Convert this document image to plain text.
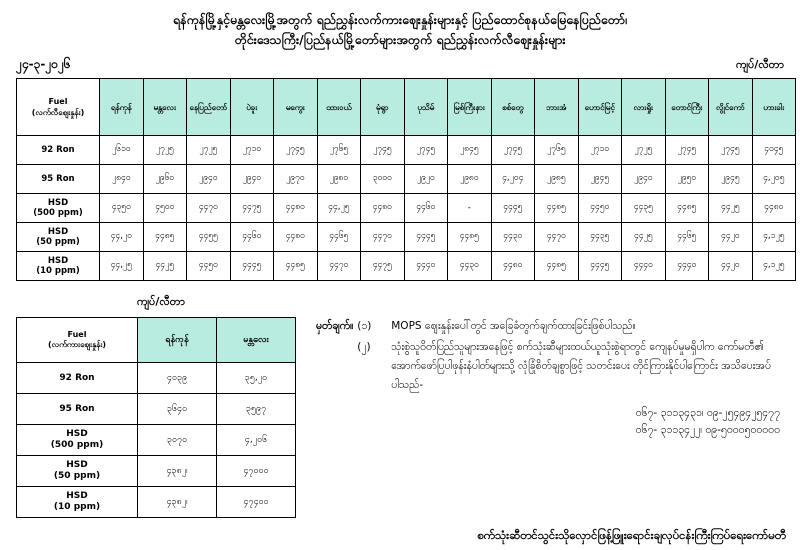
ရန်ကုန်မြို့နှင့်မန္တလေးမြို့အတွက် ရည်ညွှန်းလက်ကားဈေးနှုန်းများနှင့် ပြည်ထောင်စုနယ်မြေနေပြည်တော်၊
တိုင်းဒေသကြီး/ပြည်နယ်မြို့တော်များအတွက် ရည်ညွှန်းလက်လီဈေးနှုန်းများ
၂၄-၃-၂၀၂၆	ကျပ်/လီတာ
Fuel
(လက်လီဈေးနှုန်း)	ရန်ကုန်	မန္တလေး	နေပြည်တော်	ပဲခူး	မကွေး	ထားဝယ်	မုံရွာ	ပုသိမ်	မြစ်ကြီးနား	စစ်တွေ	ဘားအံ	ဟောင်မြင့်	လားရှိုး	တောင်ကြီး	လွိုင်ကော်	ဟားခါး
92 Ron	၂၆၁၀	၂၇၂၅	၂၇၂၅	၂၇၁၀	၂၇၄၅	၂၇၆၅	၂၇၄၅	၂၇၄၅	၂၈၄၅	၂၇၄၅	၂၇၆၅	၂၇၁၀	၂၇၂၅	၂၇၄၅	၂၇၄၅	၄၀၄၅
95 Ron	၂၈၄၀	၂၉၆၀	၂၉၄၀	၂၉၄၀	၂၉၇၀	၂၉၈၀	၃၀၀၀	၂၉၂၀	၂၉၈၀	၄,၂၀၄	၂၉၈၅	၂၉၄၅	၂၉၄၀	၂၉၅၀	၂၉၄၅	၄,၂၀၅

HSD
(500 ppm)	၄၃၅၀	၄၅၀၀	၄၄၇၀	၄၄၇၅	၄၄၈၀	၄၄,၂၅	၄၄၈၀	၄၄၆၀	-	၄၄၄၅	၄၄၈၅	၄၄၅၀	၄၄၃၅	၄၄၈၅	၄၄၂၅	၄၄၈၀

HSD
(50 ppm)	၄၄,၂၀	၄၄၈၅	၄၄၅၅	၄၄၆၀	၄၄၈၀	၄၄၆၅	၄၄၇၀	၄၄၄၅	၄၄၈၅	၄၄၃၀	၄၄၇၀	၄၄၃၅	၄၄၂၅	၄၄၆၅	၄၄၂၀	၄,၁၂၅

HSD
(10 ppm)	၄၄,၂၅	၄၄၂၅	၄၄၅၀	၄၄၄၅	၄၄၈၅	၄၄၇၀	၄၄၇၅	၄၄၄၀	၄၄၃၀	၄၄၈၀	၄၄၈၅	၄၄၄၅	၄၄၄၀	၄၄၄၀	၄၄၂၀	၄,၁၂၅
ကျပ်/လီတာ
Fuel
(လက်ကားဈေးနှုန်း)	ရန်ကုန်	မန္တလေး
92 Ron	၄၀၃၉	၃၅,၂၀
95 Ron	၃၆၄၀	၃၅၉၇

HSD
(500 ppm)	၃၀၇၀	၄,၂၀၆

HSD
(50 ppm)	၄၃၈၂၊	၄၇၀၀၀

HSD
(10 ppm)	၄၃၈၂၊	၄၇၄၀၀
မှတ်ချက်။ (၁)	MOPS ဈေးနှုန်းပေါ်တွင် အခြေခံတွက်ချက်ထားခြင်းဖြစ်ပါသည်။
(၂)	သုံးစွဲသူဝိတ်ပြည်သူများအနေဖြင့် စက်သုံးဆီများထယ်ယူသုံးစွဲရာတွင် ကျေနပ်မှုမရှိပါက ကော်မတီ၏ အောက်ဖော်ပြပါဖုန်းနံပါတ်များသို့ လုံခြုံစိတ်ချစွာဖြင့် သတင်းပေး တိုင်ကြားနိုင်ပါကြောင်း အသိပေးအပ်ပါသည်-
ဝ၆၇- ၃၁၁၃၄၃၁၊ ဝ၉-၂၅၄၉၄၂၅၄၇၇
ဝ၆၇- ၃၁၁၃၄၂၂၊ ၀၉-၅၀၀၀၅၀၀၀၀၀
စက်သုံးဆီတင်သွင်းသိုလှောင်ဖြန့်ဖြူးရောင်းချလုပ်ငန်းကြီးကြပ်ရေးကော်မတီ
